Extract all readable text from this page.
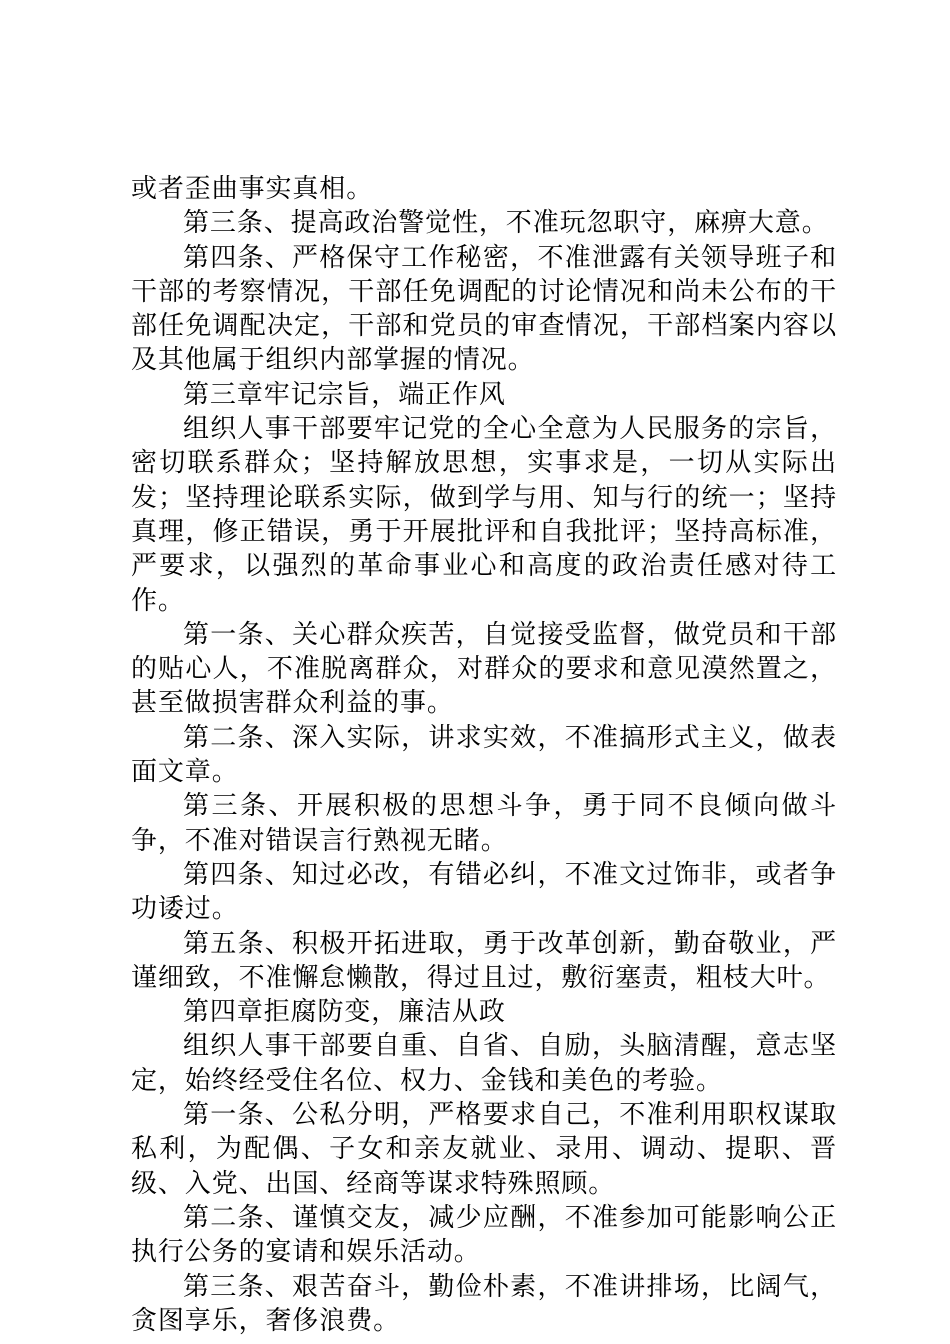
或者歪曲事实真相。

第三条、提高政治警觉性，不准玩忽职守，麻痹大意。

第四条、严格保守工作秘密，不准泄露有关领导班子和干部的考察情况，干部任免调配的讨论情况和尚未公布的干部任免调配决定，干部和党员的审查情况，干部档案内容以及其他属于组织内部掌握的情况。

第三章牢记宗旨，端正作风

组织人事干部要牢记党的全心全意为人民服务的宗旨，密切联系群众；坚持解放思想，实事求是，一切从实际出发；坚持理论联系实际，做到学与用、知与行的统一；坚持真理，修正错误，勇于开展批评和自我批评；坚持高标准，严要求，以强烈的革命事业心和高度的政治责任感对待工作。

第一条、关心群众疾苦，自觉接受监督，做党员和干部的贴心人，不准脱离群众，对群众的要求和意见漠然置之，甚至做损害群众利益的事。

第二条、深入实际，讲求实效，不准搞形式主义，做表面文章。

第三条、开展积极的思想斗争，勇于同不良倾向做斗争，不准对错误言行熟视无睹。

第四条、知过必改，有错必纠，不准文过饰非，或者争功诿过。

第五条、积极开拓进取，勇于改革创新，勤奋敬业，严谨细致，不准懈怠懒散，得过且过，敷衍塞责，粗枝大叶。

第四章拒腐防变，廉洁从政

组织人事干部要自重、自省、自励，头脑清醒，意志坚定，始终经受住名位、权力、金钱和美色的考验。

第一条、公私分明，严格要求自己，不准利用职权谋取私利，为配偶、子女和亲友就业、录用、调动、提职、晋级、入党、出国、经商等谋求特殊照顾。

第二条、谨慎交友，减少应酬，不准参加可能影响公正执行公务的宴请和娱乐活动。

第三条、艰苦奋斗，勤俭朴素，不准讲排场，比阔气，贪图享乐，奢侈浪费。
